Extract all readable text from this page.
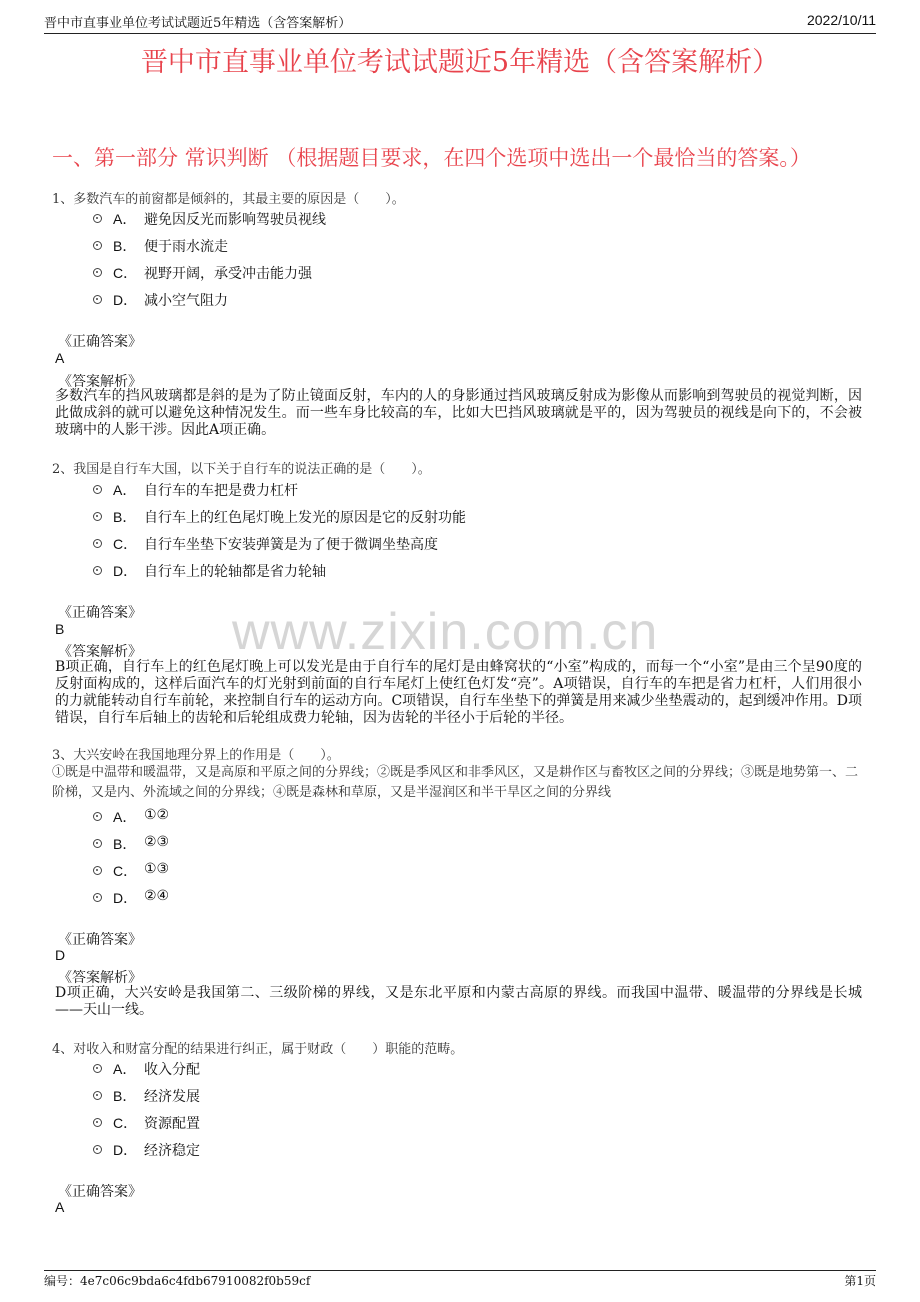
晋中市直事业单位考试试题近5年精选（含答案解析）	2022/10/11
晋中市直事业单位考试试题近5年精选（含答案解析）
一、第一部分 常识判断 （根据题目要求，在四个选项中选出一个最恰当的答案。）
www.zixin.com.cn
1、多数汽车的前窗都是倾斜的，其最主要的原因是（　　）。
A． 避免因反光而影响驾驶员视线
B． 便于雨水流走
C． 视野开阔，承受冲击能力强
D． 减小空气阻力
《正确答案》
A
《答案解析》
多数汽车的挡风玻璃都是斜的是为了防止镜面反射，车内的人的身影通过挡风玻璃反射成为影像从而影响到驾驶员的视觉判断，因此做成斜的就可以避免这种情况发生。而一些车身比较高的车，比如大巴挡风玻璃就是平的，因为驾驶员的视线是向下的，不会被玻璃中的人影干涉。因此A项正确。
2、我国是自行车大国，以下关于自行车的说法正确的是（　　）。
A． 自行车的车把是费力杠杆
B． 自行车上的红色尾灯晚上发光的原因是它的反射功能
C． 自行车坐垫下安装弹簧是为了便于微调坐垫高度
D． 自行车上的轮轴都是省力轮轴
《正确答案》
B
《答案解析》
B项正确，自行车上的红色尾灯晚上可以发光是由于自行车的尾灯是由蜂窝状的“小室”构成的，而每一个“小室”是由三个呈90度的反射面构成的，这样后面汽车的灯光射到前面的自行车尾灯上使红色灯发“亮”。A项错误，自行车的车把是省力杠杆，人们用很小的力就能转动自行车前轮，来控制自行车的运动方向。C项错误，自行车坐垫下的弹簧是用来减少坐垫震动的，起到缓冲作用。D项错误，自行车后轴上的齿轮和后轮组成费力轮轴，因为齿轮的半径小于后轮的半径。
3、大兴安岭在我国地理分界上的作用是（　　）。
①既是中温带和暖温带，又是高原和平原之间的分界线；②既是季风区和非季风区，又是耕作区与畜牧区之间的分界线；③既是地势第一、二阶梯，又是内、外流域之间的分界线；④既是森林和草原，又是半湿润区和半干旱区之间的分界线
A． ①②
B． ②③
C． ①③
D． ②④
《正确答案》
D
《答案解析》
D项正确，大兴安岭是我国第二、三级阶梯的界线，又是东北平原和内蒙古高原的界线。而我国中温带、暖温带的分界线是长城——天山一线。
4、对收入和财富分配的结果进行纠正，属于财政（　　）职能的范畴。
A． 收入分配
B． 经济发展
C． 资源配置
D． 经济稳定
《正确答案》
A
编号：4e7c06c9bda6c4fdb67910082f0b59cf	第1页
